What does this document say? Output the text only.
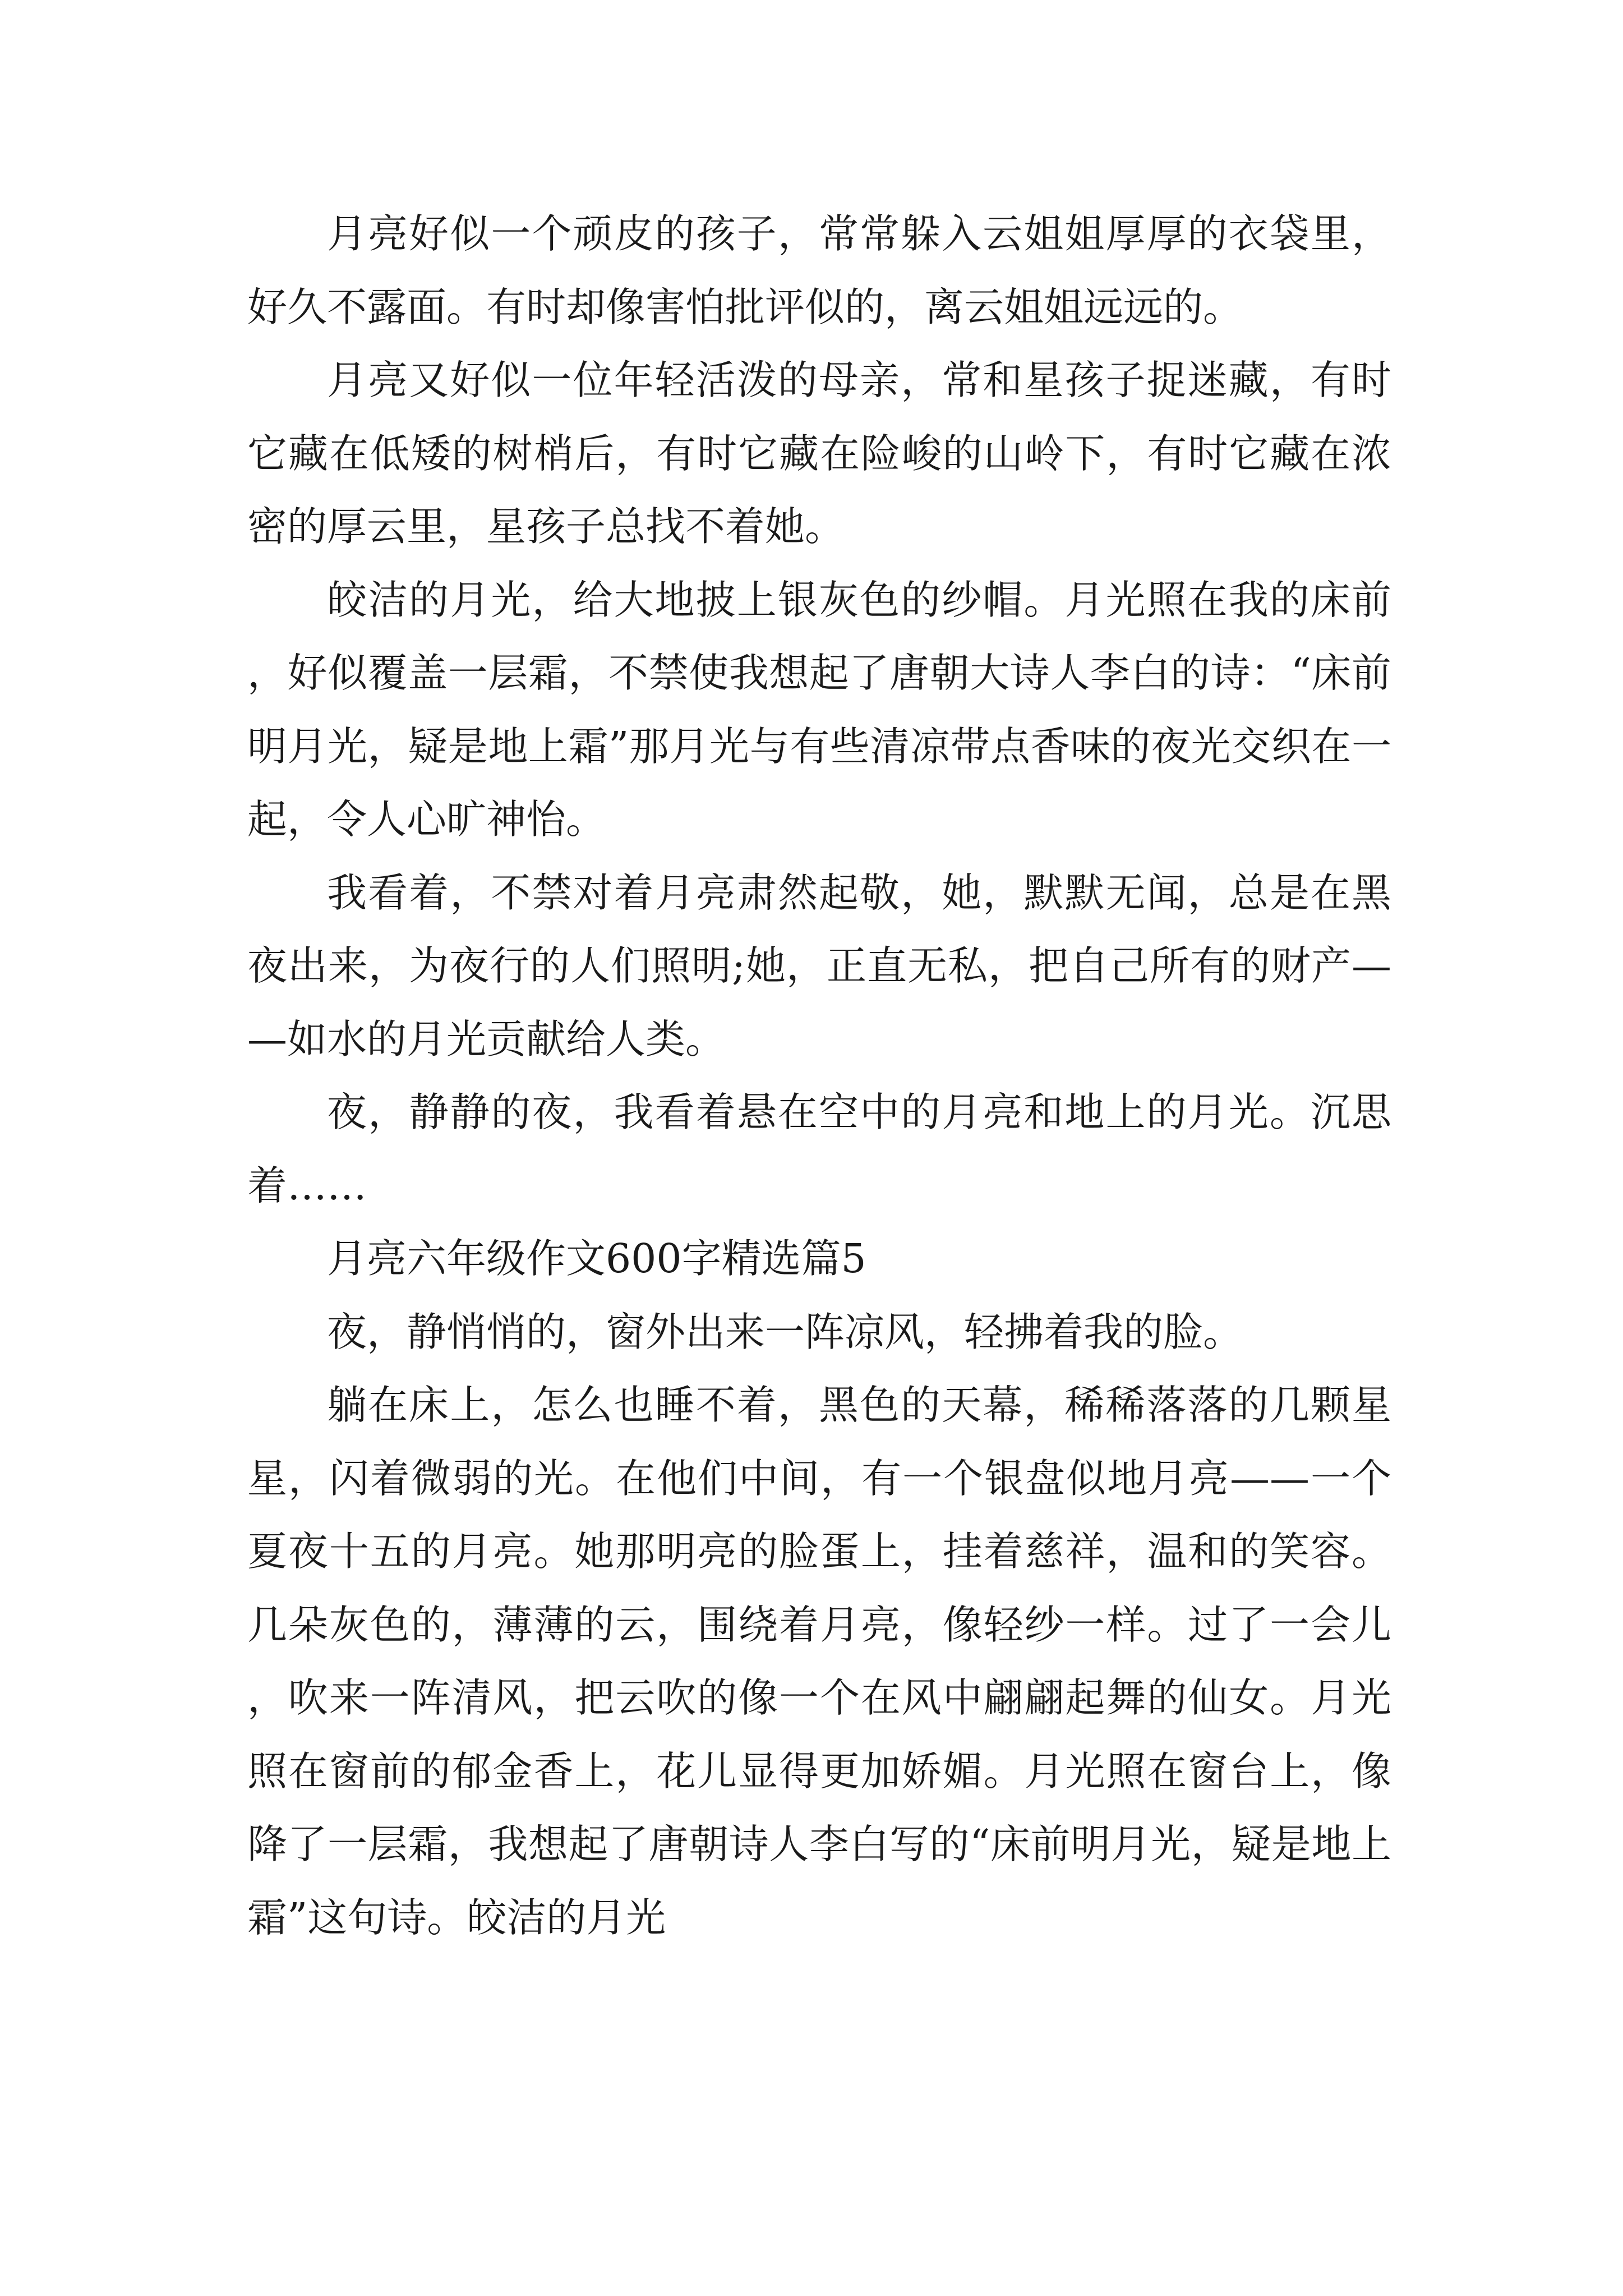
月亮好似一个顽皮的孩子，常常躲入云姐姐厚厚的衣袋里，好久不露面。有时却像害怕批评似的，离云姐姐远远的。

月亮又好似一位年轻活泼的母亲，常和星孩子捉迷藏，有时它藏在低矮的树梢后，有时它藏在险峻的山岭下，有时它藏在浓密的厚云里，星孩子总找不着她。

皎洁的月光，给大地披上银灰色的纱帽。月光照在我的床前，好似覆盖一层霜，不禁使我想起了唐朝大诗人李白的诗：“床前明月光，疑是地上霜”那月光与有些清凉带点香味的夜光交织在一起，令人心旷神怡。

我看着，不禁对着月亮肃然起敬，她，默默无闻，总是在黑夜出来，为夜行的人们照明;她，正直无私，把自己所有的财产——如水的月光贡献给人类。

夜，静静的夜，我看着悬在空中的月亮和地上的月光。沉思着……

月亮六年级作文600字精选篇5

夜，静悄悄的，窗外出来一阵凉风，轻拂着我的脸。

躺在床上，怎么也睡不着，黑色的天幕，稀稀落落的几颗星星，闪着微弱的光。在他们中间，有一个银盘似地月亮——一个夏夜十五的月亮。她那明亮的脸蛋上，挂着慈祥，温和的笑容。几朵灰色的，薄薄的云，围绕着月亮，像轻纱一样。过了一会儿，吹来一阵清风，把云吹的像一个在风中翩翩起舞的仙女。月光照在窗前的郁金香上，花儿显得更加娇媚。月光照在窗台上，像降了一层霜，我想起了唐朝诗人李白写的“床前明月光，疑是地上霜”这句诗。皎洁的月光
